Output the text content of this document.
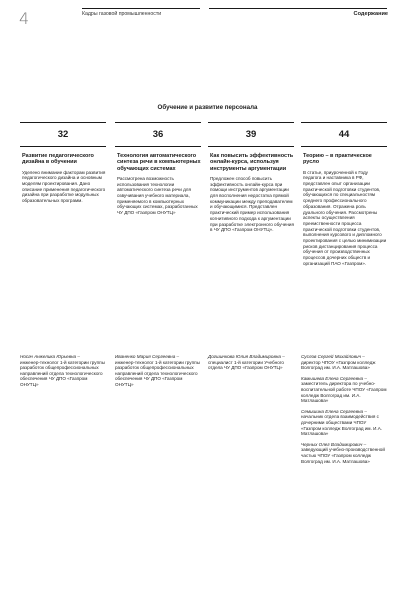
4	Кадры газовой промышленности	Содержание
Обучение и развитие персонала
32
Развитие педагогического дизайна в обучении
Уделено внимание факторам развития педагогического дизайна и основным моделям проектирования. Дано описание применения педагогического дизайна при разработке модульных образовательных программ.
36
Технология автоматического синтеза речи в компьютерных обучающих системах
Рассмотрена возможность использования технологии автоматического синтеза речи для озвучивания учебного материала, применяемого в компьютерных обучающих системах, разработанных ЧУ ДПО «Газпром ОНУТЦ»
39
Как повысить эффективность онлайн-курса, используя инструменты аргументации
Предложен способ повысить эффективность онлайн-курса при помощи инструментов аргументации для восполнения недостатка прямой коммуникации между преподавателем и обучающимися. Представлен практический пример использования когнитивного подхода к аргументации при разработке электронного обучения в ЧУ ДПО «Газпром ОНУТЦ».
44
Теорию – в практическое русло
В статье, приуроченной к Году педагога и наставника в РФ, представлен опыт организации практической подготовки студентов, обучающихся по специальностям среднего профессионального образования. Отражена роль дуального обучения. Рассмотрены аспекты осуществления преемственности процесса практической подготовки студентов, выполнения курсового и дипломного проектирования с целью минимизации рисков дистанцирования процесса обучения от производственных процессов дочерних обществ и организаций ПАО «Газпром».
Носач Анжелика Юрьевна –
инженер-технолог 1-й категории группы разработок общепрофессиональных направлений отдела технологического обеспечения ЧУ ДПО «Газпром ОНУТЦ»
Иваненко Мария Сергеевна –
инженер-технолог 1-й категории группы разработок общепрофессиональных направлений отдела технологического обеспечения ЧУ ДПО «Газпром ОНУТЦ»
Догшинкова Юлия Владимировна –
специалист 1-й категории Учебного отдела ЧУ ДПО «Газпром ОНУТЦ»
Суслов Сергей Михайлович –
директор ЧПОУ «Газпром колледж Волгоград им. И.А. Матлашова»
Камышева Елена Сергеевна –
заместитель директора по учебно-воспитательной работе ЧПОУ «Газпром колледж Волгоград им. И.А. Матлашова»
Семишина Елена Сергеевна –
начальник отдела взаимодействия с дочерними обществами ЧПОУ «Газпром колледж Волгоград им. И.А. Матлашова»
Черных Олег Владимирович –
заведующий учебно-производственной частью ЧПОУ «Газпром колледж Волгоград им. И.А. Матлашова»
